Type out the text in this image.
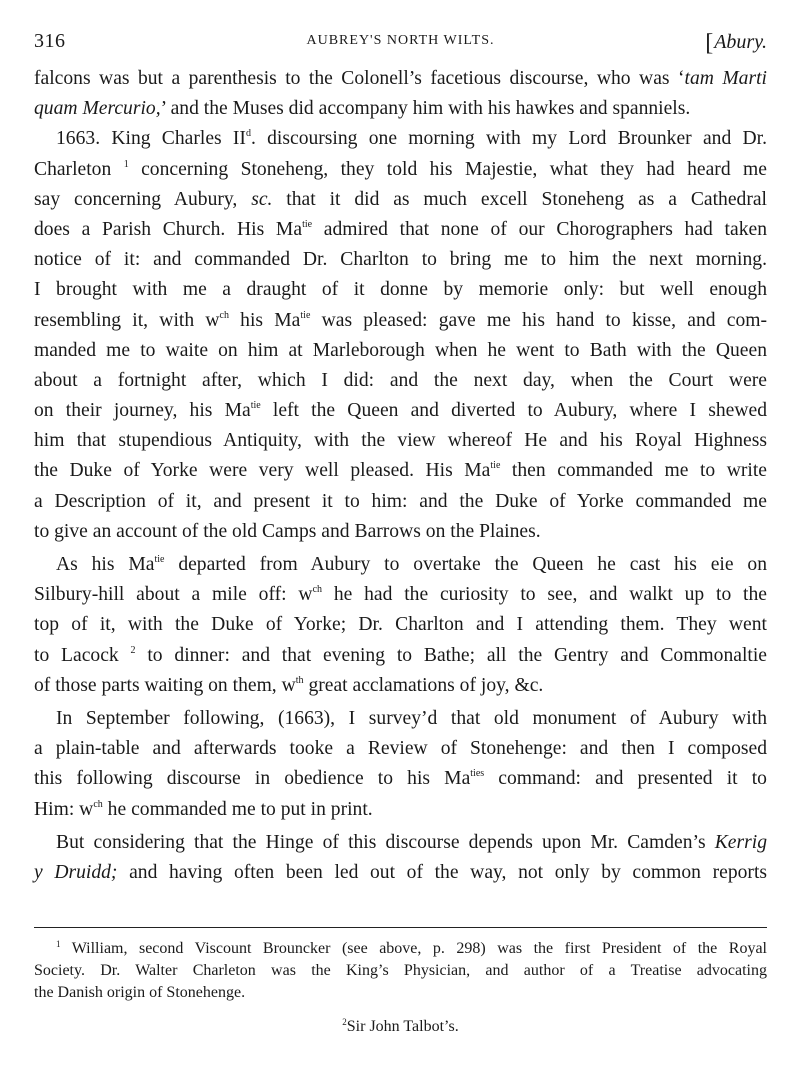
316	AUBREY'S NORTH WILTS.	[Abury.
falcons was but a parenthesis to the Colonell’s facetious discourse, who was ‘tam Marti
quam Mercurio,’ and the Muses did accompany him with his hawkes and spanniels.
1663. King Charles $II^d$. discoursing one morning with my Lord Brounker and Dr.
Charleton $^1$ concerning Stoneheng, they told his Majestie, what they had heard me
say concerning Aubury, sc. that it did as much excell Stoneheng as a Cathedral
does a Parish Church. His $Ma^{tie}$ admired that none of our Chorographers had taken
notice of it: and commanded Dr. Charlton to bring me to him the next morning.
I brought with me a draught of it donne by memorie only: but well enough
resembling it, with $w^{ch}$ his $Ma^{tie}$ was pleased: gave me his hand to kisse, and com-
manded me to waite on him at Marleborough when he went to Bath with the Queen
about a fortnight after, which I did: and the next day, when the Court were
on their journey, his $Ma^{tie}$ left the Queen and diverted to Aubury, where I shewed
him that stupendious Antiquity, with the view whereof He and his Royal Highness
the Duke of Yorke were very well pleased. His $Ma^{tie}$ then commanded me to write
a Description of it, and present it to him: and the Duke of Yorke commanded me
to give an account of the old Camps and Barrows on the Plaines.
As his $Ma^{tie}$ departed from Aubury to overtake the Queen he cast his eie on
Silbury-hill about a mile off: $w^{ch}$ he had the curiosity to see, and walkt up to the
top of it, with the Duke of Yorke; Dr. Charlton and I attending them. They went
to Lacock $^2$ to dinner: and that evening to Bathe; all the Gentry and Commonaltie
of those parts waiting on them, $w^{th}$ great acclamations of joy, &c.
In September following, (1663), I survey’d that old monument of Aubury with
a plain-table and afterwards tooke a Review of Stonehenge: and then I composed
this following discourse in obedience to his $Ma^{ties}$ command: and presented it to
Him: $w^{ch}$ he commanded me to put in print.
But considering that the Hinge of this discourse depends upon Mr. Camden’s Kerrig
y Druidd; and having often been led out of the way, not only by common reports
$^1$ William, second Viscount Brouncker (see above, p. 298) was the first President of the Royal
Society. Dr. Walter Charleton was the King’s Physician, and author of a Treatise advocating
the Danish origin of Stonehenge.
$^2$Sir John Talbot’s.
